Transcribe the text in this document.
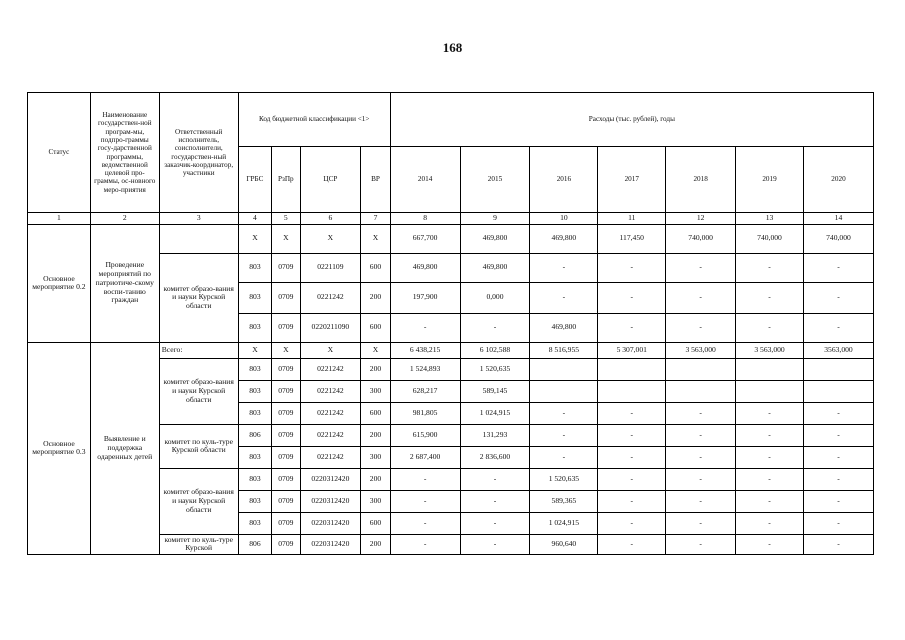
168
Статус	Наименование государствен-ной програм-мы, подпро-граммы госу-дарственной программы, ведомственной целевой про-граммы, ос-новного меро-приятия	Ответственный исполнитель, соисполнители, государствен-ный заказчик-координатор, участники	Код бюджетной классификации <1>				Расходы (тыс. рублей), годы						
			ГРБС	РзПр	ЦСР	ВР	2014	2015	2016	2017	2018	2019	2020
1	2	3	4	5	6	7	8	9	10	11	12	13	14
Основное мероприятие 0.2	Проведение мероприятий по патриотиче-скому воспи-танию граждан		Х	Х	Х	Х	667,700	469,800	469,800	117,450	740,000	740,000	740,000
		комитет образо-вания и науки Курской области	803	0709	0221109	600	469,800	469,800	-	-	-	-	-
			803	0709	0221242	200	197,900	0,000	-	-	-	-	-
			803	0709	0220211090	600	-	-	469,800	-	-	-	-
Основное мероприятие 0.3	Выявление и поддержка одаренных детей	Всего:	Х	Х	Х	Х	6 438,215	6 102,588	8 516,955	5 307,001	3 563,000	3 563,000	3563,000
		комитет образо-вания и науки Курской области	803	0709	0221242	200	1 524,893	1 520,635					
			803	0709	0221242	300	628,217	589,145					
			803	0709	0221242	600	981,805	1 024,915	-	-	-	-	-
		комитет по куль-туре Курской области	806	0709	0221242	200	615,900	131,293	-	-	-	-	-
			803	0709	0221242	300	2 687,400	2 836,600	-	-	-	-	-
		комитет образо-вания и науки Курской области	803	0709	0220312420	200	-	-	1 520,635	-	-	-	-
			803	0709	0220312420	300	-	-	589,365	-	-	-	-
			803	0709	0220312420	600	-	-	1 024,915	-	-	-	-
		комитет по куль-туре Курской	806	0709	0220312420	200	-	-	960,640	-	-	-	-
